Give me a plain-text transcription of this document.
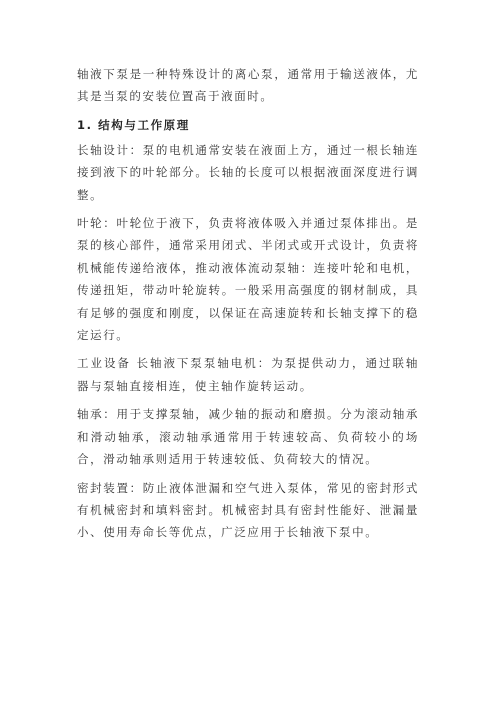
轴液下泵是一种特殊设计的离心泵，通常用于输送液体，尤其是当泵的安装位置高于液面时。

1. 结构与工作原理

长轴设计：泵的电机通常安装在液面上方，通过一根长轴连接到液下的叶轮部分。长轴的长度可以根据液面深度进行调整。

叶轮：叶轮位于液下，负责将液体吸入并通过泵体排出。是泵的核心部件，通常采用闭式、半闭式或开式设计，负责将机械能传递给液体，推动液体流动泵轴：连接叶轮和电机，传递扭矩，带动叶轮旋转。一般采用高强度的钢材制成，具有足够的强度和刚度，以保证在高速旋转和长轴支撑下的稳定运行。

工业设备 长轴液下泵泵轴电机：为泵提供动力，通过联轴器与泵轴直接相连，使主轴作旋转运动。

轴承：用于支撑泵轴，减少轴的振动和磨损。分为滚动轴承和滑动轴承，滚动轴承通常用于转速较高、负荷较小的场合，滑动轴承则适用于转速较低、负荷较大的情况。

密封装置：防止液体泄漏和空气进入泵体，常见的密封形式有机械密封和填料密封。机械密封具有密封性能好、泄漏量小、使用寿命长等优点，广泛应用于长轴液下泵中。
